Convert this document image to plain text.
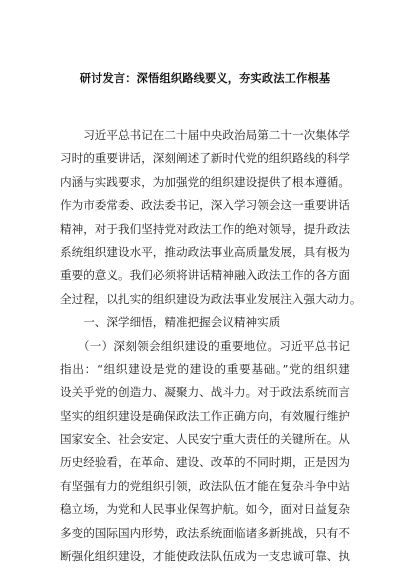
研讨发言：深悟组织路线要义，夯实政法工作根基
　　习近平总书记在二十届中央政治局第二十一次集体学
习时的重要讲话，深刻阐述了新时代党的组织路线的科学
内涵与实践要求，为加强党的组织建设提供了根本遵循。
作为市委常委、政法委书记，深入学习领会这一重要讲话
精神，对于我们坚持党对政法工作的绝对领导，提升政法
系统组织建设水平，推动政法事业高质量发展，具有极为
重要的意义。我们必须将讲话精神融入政法工作的各方面
全过程，以扎实的组织建设为政法事业发展注入强大动力。
　　一、深学细悟，精准把握会议精神实质
　　（一）深刻领会组织建设的重要地位。习近平总书记
指出：“组织建设是党的建设的重要基础。”党的组织建
设关乎党的创造力、凝聚力、战斗力。对于政法系统而言
坚实的组织建设是确保政法工作正确方向，有效履行维护
国家安全、社会安定、人民安宁重大责任的关键所在。从
历史经验看，在革命、建设、改革的不同时期，正是因为
有坚强有力的党组织引领，政法队伍才能在复杂斗争中站
稳立场，为党和人民事业保驾护航。如今，面对日益复杂
多变的国际国内形势，政法系统面临诸多新挑战，只有不
断强化组织建设，才能使政法队伍成为一支忠诚可靠、执
